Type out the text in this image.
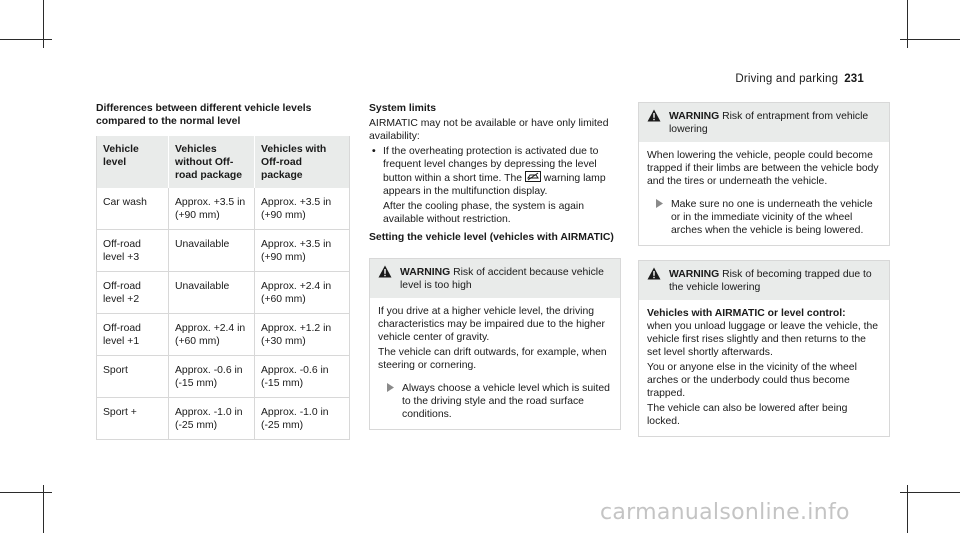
Driving and parking 231
Differences between different vehicle levels compared to the normal level
Vehicle level	Vehicles without Off-road package	Vehicles with Off-road package
Car wash	Approx. +3.5 in (+90 mm)	Approx. +3.5 in (+90 mm)
Off-road level +3	Unavailable	Approx. +3.5 in (+90 mm)
Off-road level +2	Unavailable	Approx. +2.4 in (+60 mm)
Off-road level +1	Approx. +2.4 in (+60 mm)	Approx. +1.2 in (+30 mm)
Sport	Approx. -0.6 in (-15 mm)	Approx. -0.6 in (-15 mm)
Sport +	Approx. -1.0 in (-25 mm)	Approx. -1.0 in (-25 mm)
System limits

AIRMATIC may not be available or have only limited availability:

• If the overheating protection is activated due to frequent level changes by depressing the level button within a short time. The warning lamp appears in the multifunction display.

After the cooling phase, the system is again available without restriction.

Setting the vehicle level (vehicles with AIRMATIC)
WARNING Risk of accident because vehicle level is too high

If you drive at a higher vehicle level, the driving characteristics may be impaired due to the higher vehicle center of gravity.

The vehicle can drift outwards, for example, when steering or cornering.

Always choose a vehicle level which is suited to the driving style and the road surface conditions.
WARNING Risk of entrapment from vehicle lowering

When lowering the vehicle, people could become trapped if their limbs are between the vehicle body and the tires or underneath the vehicle.

Make sure no one is underneath the vehicle or in the immediate vicinity of the wheel arches when the vehicle is being lowered.
WARNING Risk of becoming trapped due to the vehicle lowering

Vehicles with AIRMATIC or level control:

when you unload luggage or leave the vehicle, the vehicle first rises slightly and then returns to the set level shortly afterwards.

You or anyone else in the vicinity of the wheel arches or the underbody could thus become trapped.

The vehicle can also be lowered after being locked.

carmanualsonline.info
